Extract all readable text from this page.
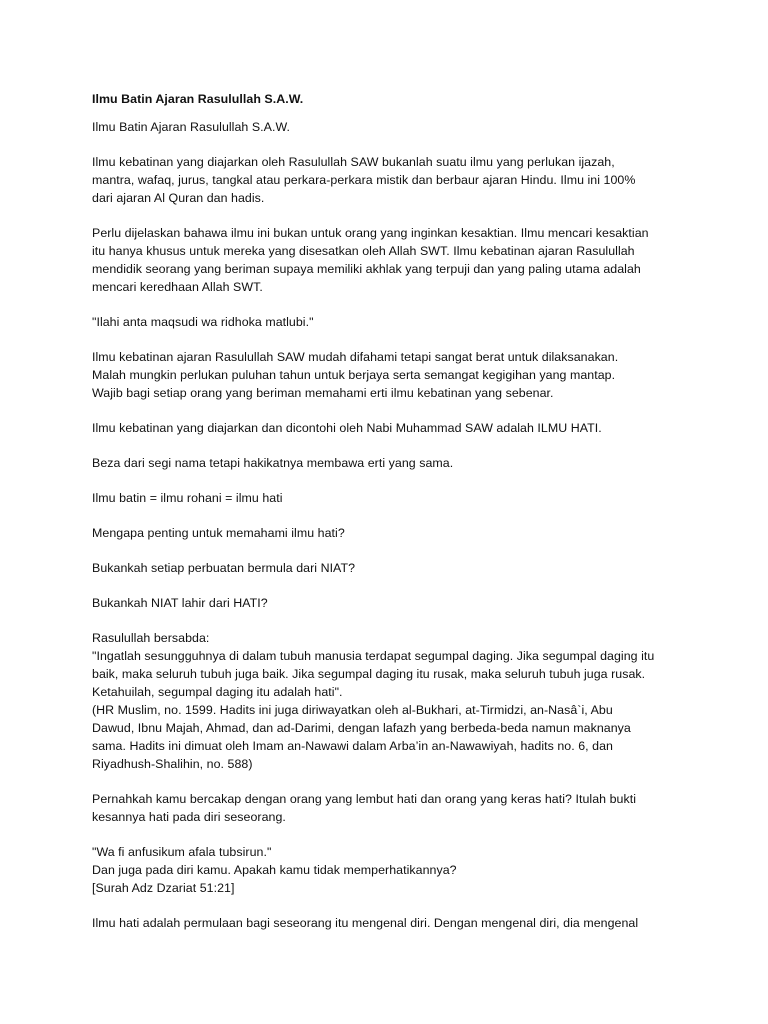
Ilmu Batin Ajaran Rasulullah S.A.W.
Ilmu Batin Ajaran Rasulullah S.A.W.
Ilmu kebatinan yang diajarkan oleh Rasulullah SAW bukanlah suatu ilmu yang perlukan ijazah,
mantra, wafaq, jurus, tangkal atau perkara-perkara mistik dan berbaur ajaran Hindu. Ilmu ini 100%
dari ajaran Al Quran dan hadis.
Perlu dijelaskan bahawa ilmu ini bukan untuk orang yang inginkan kesaktian. Ilmu mencari kesaktian
itu hanya khusus untuk mereka yang disesatkan oleh Allah SWT. Ilmu kebatinan ajaran Rasulullah
mendidik seorang yang beriman supaya memiliki akhlak yang terpuji dan yang paling utama adalah
mencari keredhaan Allah SWT.
"Ilahi anta maqsudi wa ridhoka matlubi."
Ilmu kebatinan ajaran Rasulullah SAW mudah difahami tetapi sangat berat untuk dilaksanakan.
Malah mungkin perlukan puluhan tahun untuk berjaya serta semangat kegigihan yang mantap.
Wajib bagi setiap orang yang beriman memahami erti ilmu kebatinan yang sebenar.
Ilmu kebatinan yang diajarkan dan dicontohi oleh Nabi Muhammad SAW adalah ILMU HATI.
Beza dari segi nama tetapi hakikatnya membawa erti yang sama.
Ilmu batin = ilmu rohani = ilmu hati
Mengapa penting untuk memahami ilmu hati?
Bukankah setiap perbuatan bermula dari NIAT?
Bukankah NIAT lahir dari HATI?
Rasulullah bersabda:
"Ingatlah sesungguhnya di dalam tubuh manusia terdapat segumpal daging. Jika segumpal daging itu
baik, maka seluruh tubuh juga baik. Jika segumpal daging itu rusak, maka seluruh tubuh juga rusak.
Ketahuilah, segumpal daging itu adalah hati".
(HR Muslim, no. 1599. Hadits ini juga diriwayatkan oleh al-Bukhari, at-Tirmidzi, an-Nasâ`i, Abu
Dawud, Ibnu Majah, Ahmad, dan ad-Darimi, dengan lafazh yang berbeda-beda namun maknanya
sama. Hadits ini dimuat oleh Imam an-Nawawi dalam Arba’in an-Nawawiyah, hadits no. 6, dan
Riyadhush-Shalihin, no. 588)
Pernahkah kamu bercakap dengan orang yang lembut hati dan orang yang keras hati? Itulah bukti
kesannya hati pada diri seseorang.
"Wa fi anfusikum afala tubsirun."
Dan juga pada diri kamu. Apakah kamu tidak memperhatikannya?
[Surah Adz Dzariat 51:21]
Ilmu hati adalah permulaan bagi seseorang itu mengenal diri. Dengan mengenal diri, dia mengenal
